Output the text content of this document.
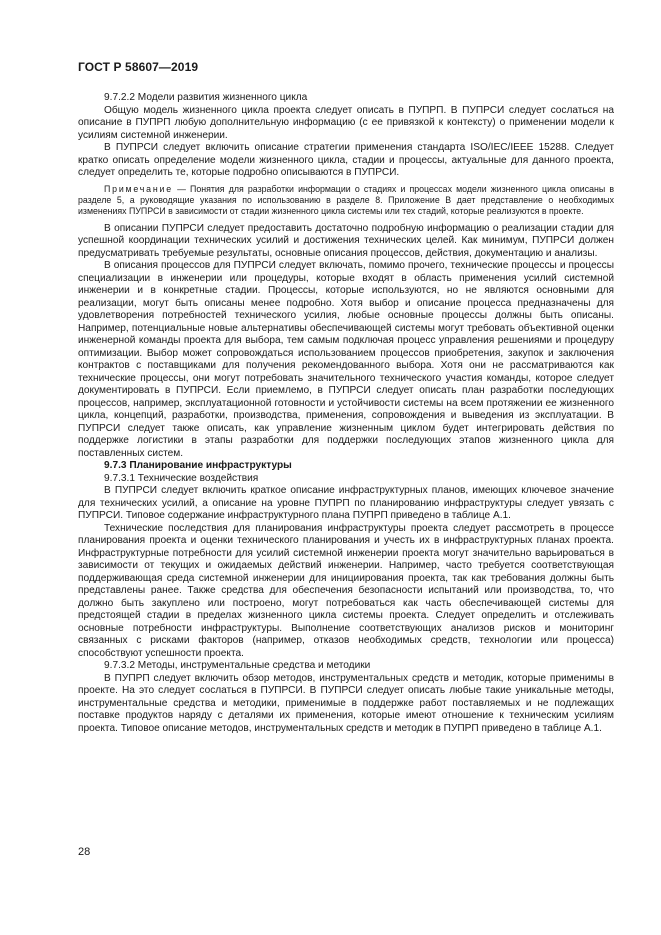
ГОСТ Р 58607—2019

9.7.2.2 Модели развития жизненного цикла

Общую модель жизненного цикла проекта следует описать в ПУПРП. В ПУПРСИ следует сослаться на описание в ПУПРП любую дополнительную информацию (с ее привязкой к контексту) о применении модели к усилиям системной инженерии.

В ПУПРСИ следует включить описание стратегии применения стандарта ISO/IEC/IEEE 15288. Следует кратко описать определение модели жизненного цикла, стадии и процессы, актуальные для данного проекта, следует определить те, которые подробно описываются в ПУПРСИ.

Примечание — Понятия для разработки информации о стадиях и процессах модели жизненного цикла описаны в разделе 5, а руководящие указания по использованию в разделе 8. Приложение В дает представление о необходимых изменениях ПУПРСИ в зависимости от стадии жизненного цикла системы или тех стадий, которые реализуются в проекте.

В описании ПУПРСИ следует предоставить достаточно подробную информацию о реализации стадии для успешной координации технических усилий и достижения технических целей. Как минимум, ПУПРСИ должен предусматривать требуемые результаты, основные описания процессов, действия, документацию и анализы.

В описания процессов для ПУПРСИ следует включать, помимо прочего, технические процессы и процессы специализации в инженерии или процедуры, которые входят в область применения усилий системной инженерии и в конкретные стадии. Процессы, которые используются, но не являются основными для реализации, могут быть описаны менее подробно. Хотя выбор и описание процесса предназначены для удовлетворения потребностей технического усилия, любые основные процессы должны быть описаны. Например, потенциальные новые альтернативы обеспечивающей системы могут требовать объективной оценки инженерной команды проекта для выбора, тем самым подключая процесс управления решениями и процедуру оптимизации. Выбор может сопровождаться использованием процессов приобретения, закупок и заключения контрактов с поставщиками для получения рекомендованного выбора. Хотя они не рассматриваются как технические процессы, они могут потребовать значительного технического участия команды, которое следует документировать в ПУПРСИ. Если приемлемо, в ПУПРСИ следует описать план разработки последующих процессов, например, эксплуатационной готовности и устойчивости системы на всем протяжении ее жизненного цикла, концепций, разработки, производства, применения, сопровождения и выведения из эксплуатации. В ПУПРСИ следует также описать, как управление жизненным циклом будет интегрировать действия по поддержке логистики в этапы разработки для поддержки последующих этапов жизненного цикла для поставленных систем.

9.7.3 Планирование инфраструктуры

9.7.3.1 Технические воздействия

В ПУПРСИ следует включить краткое описание инфраструктурных планов, имеющих ключевое значение для технических усилий, а описание на уровне ПУПРП по планированию инфраструктуры следует увязать с ПУПРСИ. Типовое содержание инфраструктурного плана ПУПРП приведено в таблице А.1.

Технические последствия для планирования инфраструктуры проекта следует рассмотреть в процессе планирования проекта и оценки технического планирования и учесть их в инфраструктурных планах проекта. Инфраструктурные потребности для усилий системной инженерии проекта могут значительно варьироваться в зависимости от текущих и ожидаемых действий инженерии. Например, часто требуется соответствующая поддерживающая среда системной инженерии для инициирования проекта, так как требования должны быть представлены ранее. Также средства для обеспечения безопасности испытаний или производства, то, что должно быть закуплено или построено, могут потребоваться как часть обеспечивающей системы для предстоящей стадии в пределах жизненного цикла системы проекта. Следует определить и отслеживать основные потребности инфраструктуры. Выполнение соответствующих анализов рисков и мониторинг связанных с рисками факторов (например, отказов необходимых средств, технологии или процесса) способствуют успешности проекта.

9.7.3.2 Методы, инструментальные средства и методики

В ПУПРП следует включить обзор методов, инструментальных средств и методик, которые применимы в проекте. На это следует сослаться в ПУПРСИ. В ПУПРСИ следует описать любые такие уникальные методы, инструментальные средства и методики, применимые в поддержке работ поставляемых и не подлежащих поставке продуктов наряду с деталями их применения, которые имеют отношение к техническим усилиям проекта. Типовое описание методов, инструментальных средств и методик в ПУПРП приведено в таблице А.1.

28
